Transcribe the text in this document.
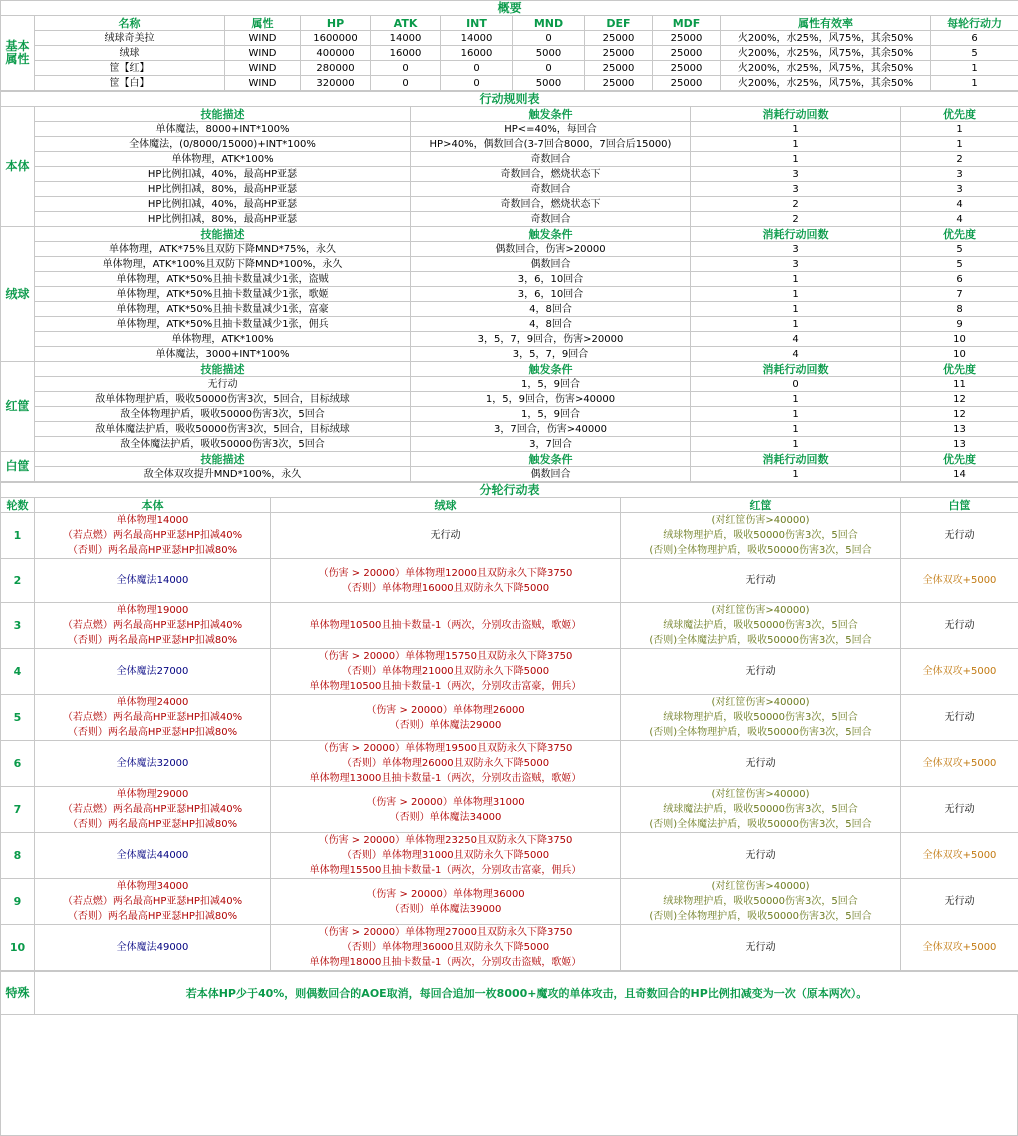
概要										
基本属性	名称	属性	HP	ATK	INT	MND	DEF	MDF	属性有效率	每轮行动力
	绒球奇美拉	WIND	1600000	14000	14000	0	25000	25000	火200%，水25%，风75%，其余50%	6
	绒球	WIND	400000	16000	16000	5000	25000	25000	火200%，水25%，风75%，其余50%	5
	筐【红】	WIND	280000	0	0	0	25000	25000	火200%，水25%，风75%，其余50%	1
	筐【白】	WIND	320000	0	0	5000	25000	25000	火200%，水25%，风75%，其余50%	1
行动规则表				
本体	技能描述	触发条件	消耗行动回数	优先度
	单体魔法，8000+INT*100%	HP<=40%，每回合	1	1
	全体魔法，(0/8000/15000)+INT*100%	HP>40%，偶数回合(3-7回合8000，7回合后15000)	1	1
	单体物理，ATK*100%	奇数回合	1	2
	HP比例扣减，40%，最高HP亚瑟	奇数回合，燃烧状态下	3	3
	HP比例扣减，80%，最高HP亚瑟	奇数回合	3	3
	HP比例扣减，40%，最高HP亚瑟	奇数回合，燃烧状态下	2	4
	HP比例扣减，80%，最高HP亚瑟	奇数回合	2	4
绒球	技能描述	触发条件	消耗行动回数	优先度
	单体物理，ATK*75%且双防下降MND*75%，永久	偶数回合，伤害>20000	3	5
	单体物理，ATK*100%且双防下降MND*100%，永久	偶数回合	3	5
	单体物理，ATK*50%且抽卡数量减少1张，盗贼	3，6，10回合	1	6
	单体物理，ATK*50%且抽卡数量减少1张，歌姬	3，6，10回合	1	7
	单体物理，ATK*50%且抽卡数量减少1张，富豪	4，8回合	1	8
	单体物理，ATK*50%且抽卡数量减少1张，佣兵	4，8回合	1	9
	单体物理，ATK*100%	3，5，7，9回合，伤害>20000	4	10
	单体魔法，3000+INT*100%	3，5，7，9回合	4	10
红筐	技能描述	触发条件	消耗行动回数	优先度
	无行动	1，5，9回合	0	11
	敌单体物理护盾，吸收50000伤害3次，5回合，目标绒球	1，5，9回合，伤害>40000	1	12
	敌全体物理护盾，吸收50000伤害3次，5回合	1，5，9回合	1	12
	敌单体魔法护盾，吸收50000伤害3次，5回合，目标绒球	3，7回合，伤害>40000	1	13
	敌全体魔法护盾，吸收50000伤害3次，5回合	3，7回合	1	13
白筐	技能描述	触发条件	消耗行动回数	优先度
	敌全体双攻提升MND*100%，永久	偶数回合	1	14
分轮行动表				
轮数	本体	绒球	红筐	白筐
1	单体物理14000
（若点燃）两名最高HP亚瑟HP扣减40%
（否则）两名最高HP亚瑟HP扣减80%	无行动	(对红筐伤害>40000)
绒球物理护盾，吸收50000伤害3次，5回合
(否则)全体物理护盾，吸收50000伤害3次，5回合	无行动

2	全体魔法14000	（伤害 > 20000）单体物理12000且双防永久下降3750
（否则）单体物理16000且双防永久下降5000	无行动	全体双攻+5000

3	单体物理19000
（若点燃）两名最高HP亚瑟HP扣减40%
（否则）两名最高HP亚瑟HP扣减80%	单体物理10500且抽卡数量-1（两次，分别攻击盗贼，歌姬）	(对红筐伤害>40000)
绒球魔法护盾，吸收50000伤害3次，5回合
(否则)全体魔法护盾，吸收50000伤害3次，5回合	无行动

4	全体魔法27000	（伤害 > 20000）单体物理15750且双防永久下降3750
（否则）单体物理21000且双防永久下降5000
单体物理10500且抽卡数量-1（两次，分别攻击富豪，佣兵）	无行动	全体双攻+5000

5	单体物理24000
（若点燃）两名最高HP亚瑟HP扣减40%
（否则）两名最高HP亚瑟HP扣减80%	（伤害 > 20000）单体物理26000
（否则）单体魔法29000	(对红筐伤害>40000)
绒球物理护盾，吸收50000伤害3次，5回合
(否则)全体物理护盾，吸收50000伤害3次，5回合	无行动

6	全体魔法32000	（伤害 > 20000）单体物理19500且双防永久下降3750
（否则）单体物理26000且双防永久下降5000
单体物理13000且抽卡数量-1（两次，分别攻击盗贼，歌姬）	无行动	全体双攻+5000

7	单体物理29000
（若点燃）两名最高HP亚瑟HP扣减40%
（否则）两名最高HP亚瑟HP扣减80%	（伤害 > 20000）单体物理31000
（否则）单体魔法34000	(对红筐伤害>40000)
绒球魔法护盾，吸收50000伤害3次，5回合
(否则)全体魔法护盾，吸收50000伤害3次，5回合	无行动

8	全体魔法44000	（伤害 > 20000）单体物理23250且双防永久下降3750
（否则）单体物理31000且双防永久下降5000
单体物理15500且抽卡数量-1（两次，分别攻击富豪，佣兵）	无行动	全体双攻+5000

9	单体物理34000
（若点燃）两名最高HP亚瑟HP扣减40%
（否则）两名最高HP亚瑟HP扣减80%	（伤害 > 20000）单体物理36000
（否则）单体魔法39000	(对红筐伤害>40000)
绒球物理护盾，吸收50000伤害3次，5回合
(否则)全体物理护盾，吸收50000伤害3次，5回合	无行动

10	全体魔法49000	（伤害 > 20000）单体物理27000且双防永久下降3750
（否则）单体物理36000且双防永久下降5000
单体物理18000且抽卡数量-1（两次，分别攻击盗贼，歌姬）	无行动	全体双攻+5000
特殊	若本体HP少于40%，则偶数回合的AOE取消，每回合追加一枚8000+魔攻的单体攻击，且奇数回合的HP比例扣减变为一次（原本两次）。
